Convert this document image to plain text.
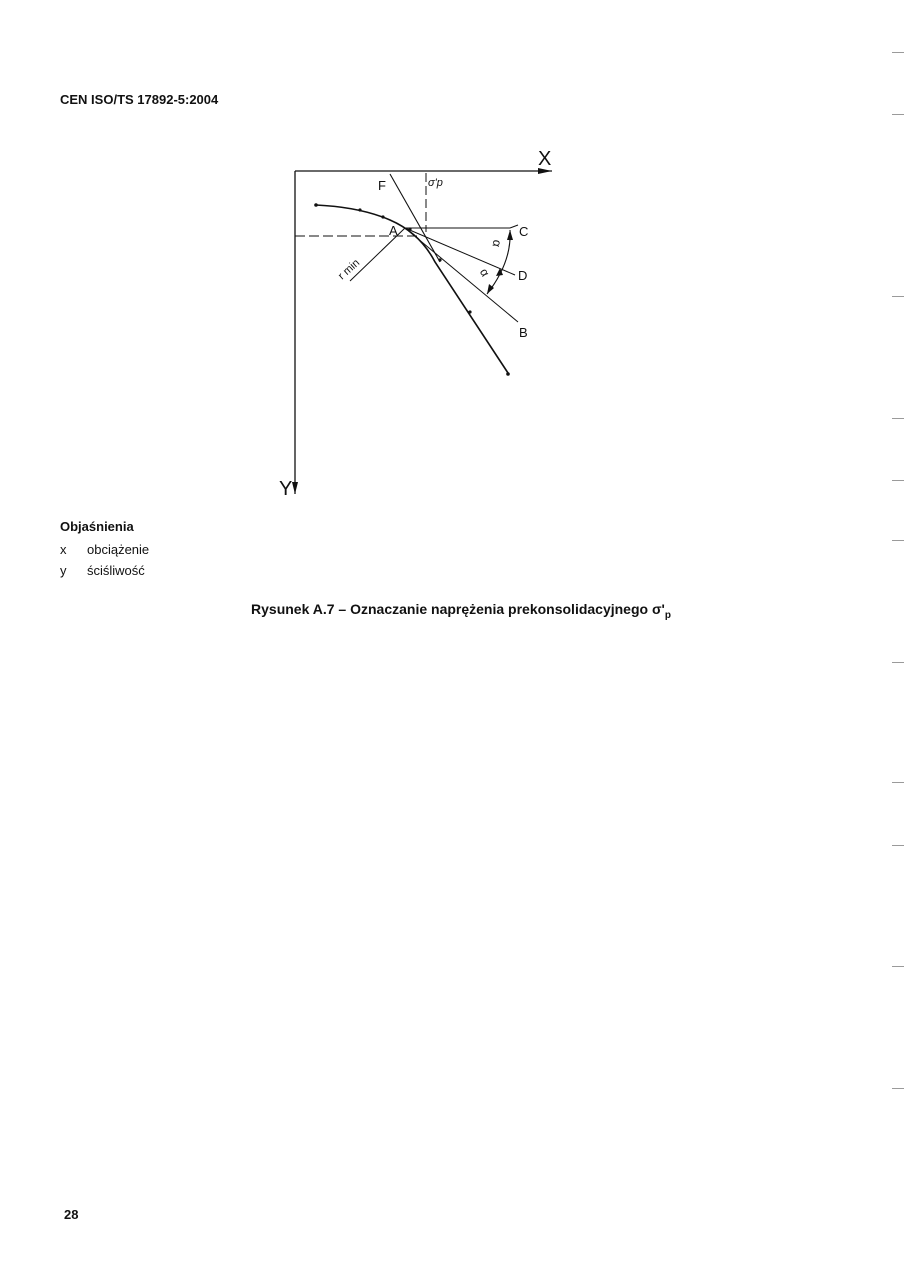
CEN ISO/TS 17892-5:2004
X
Y
F
A	C
D
B
α
α
r min
σ'p
Objaśnienia
x obciążenie
y ściśliwość
Rysunek A.7 – Oznaczanie naprężenia prekonsolidacyjnego $\sigma'_p$
28
